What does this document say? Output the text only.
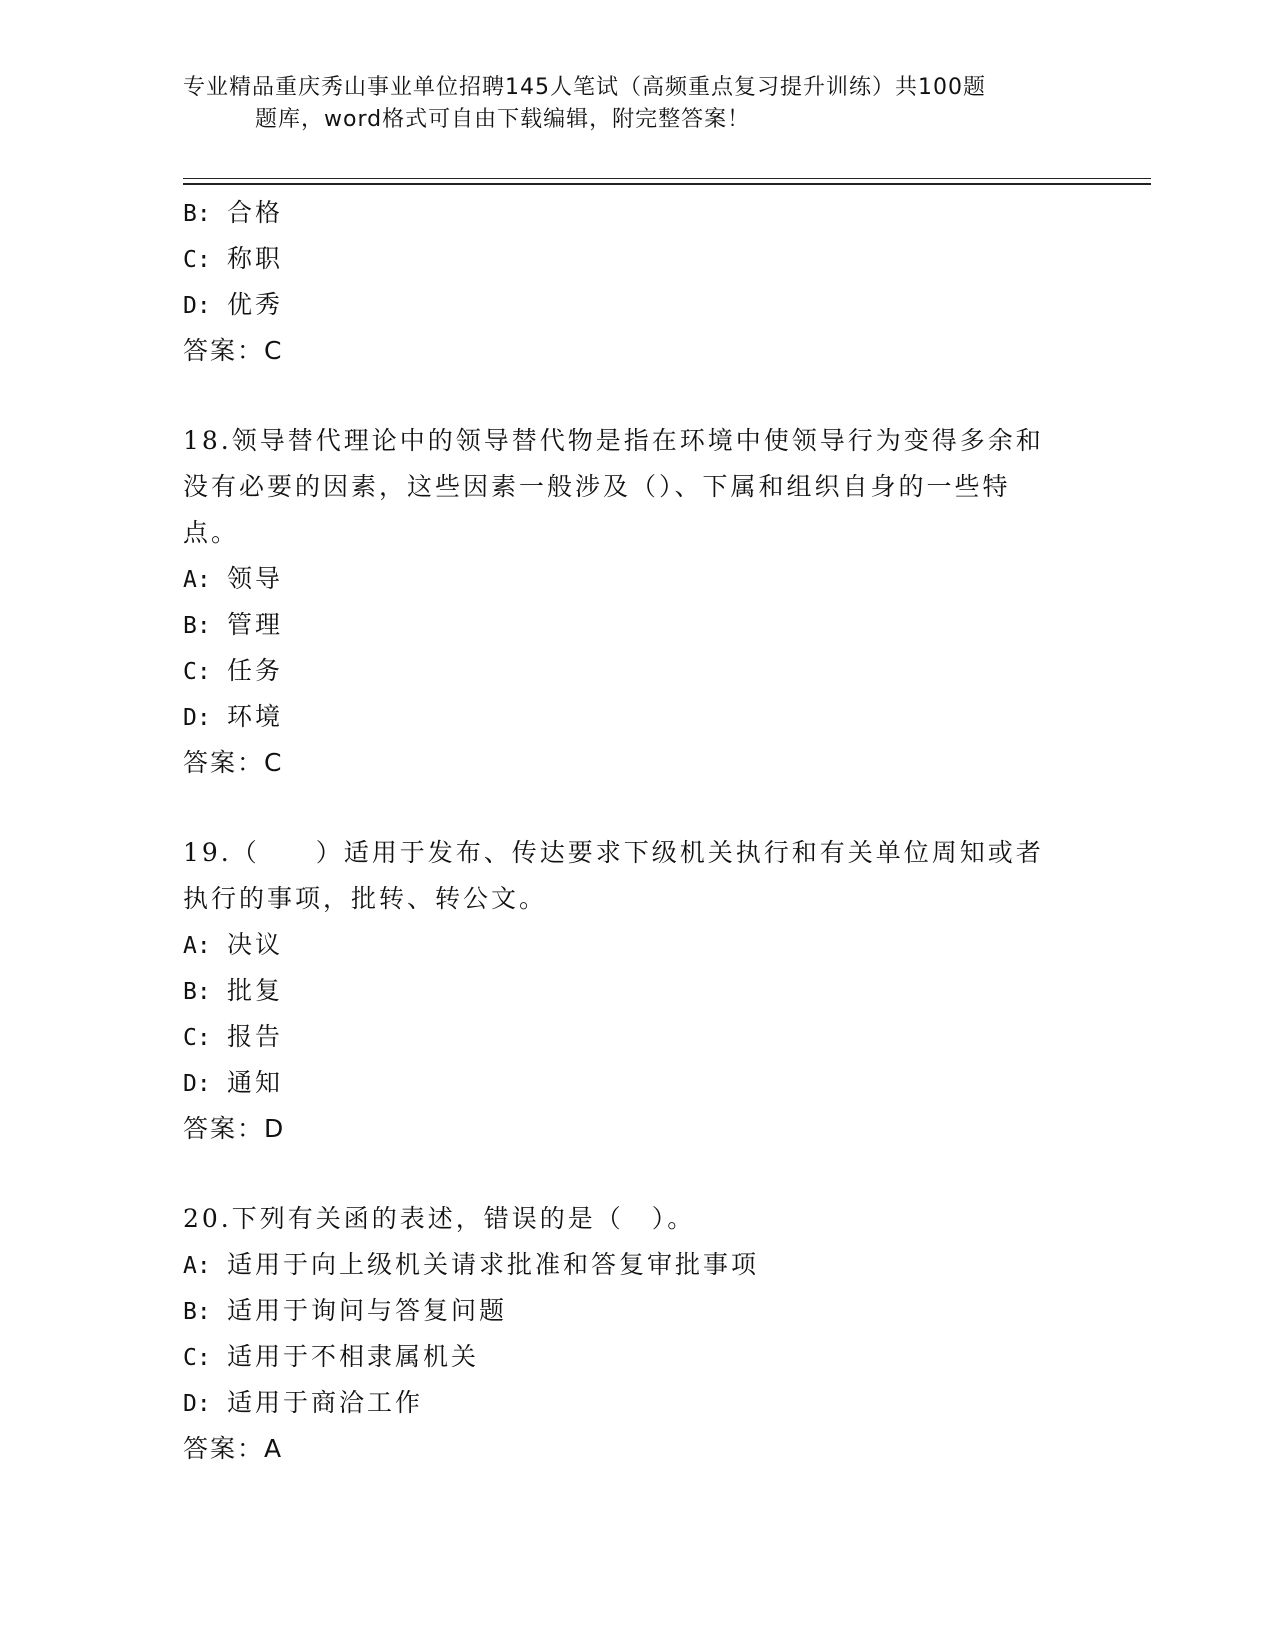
专业精品重庆秀山事业单位招聘145人笔试（高频重点复习提升训练）共100题
题库，word格式可自由下载编辑，附完整答案！
B: 合格
C: 称职
D: 优秀
答案：C
18.领导替代理论中的领导替代物是指在环境中使领导行为变得多余和
没有必要的因素，这些因素一般涉及（）、下属和组织自身的一些特
点。
A: 领导
B: 管理
C: 任务
D: 环境
答案：C
19.（　　）适用于发布、传达要求下级机关执行和有关单位周知或者
执行的事项，批转、转公文。
A: 决议
B: 批复
C: 报告
D: 通知
答案：D
20.下列有关函的表述，错误的是（　）。
A: 适用于向上级机关请求批准和答复审批事项
B: 适用于询问与答复问题
C: 适用于不相隶属机关
D: 适用于商洽工作
答案：A
